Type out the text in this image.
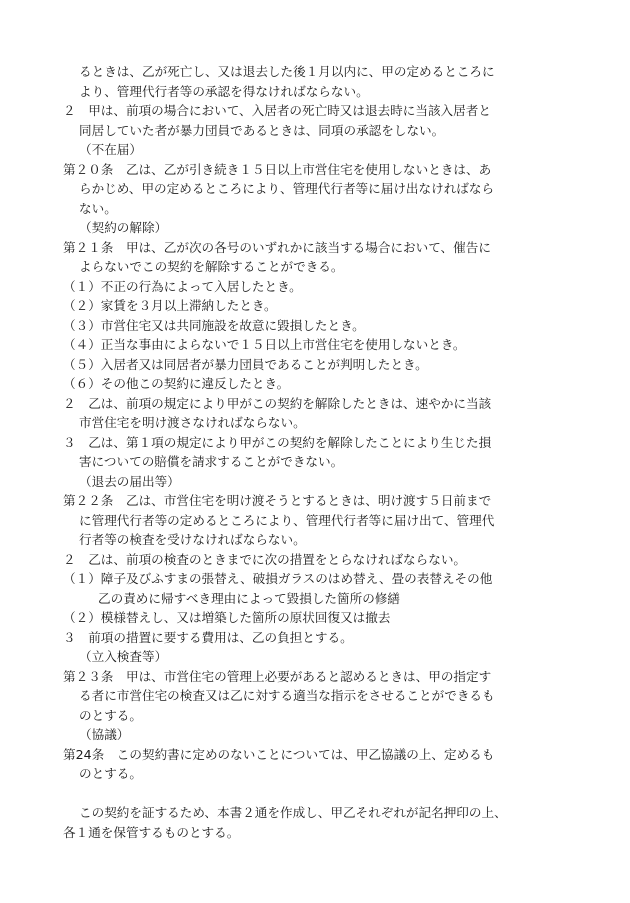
るときは、乙が死亡し、又は退去した後１月以内に、甲の定めるところに
より、管理代行者等の承認を得なければならない。
２　甲は、前項の場合において、入居者の死亡時又は退去時に当該入居者と
同居していた者が暴力団員であるときは、同項の承認をしない。
（不在届）
第２０条　乙は、乙が引き続き１５日以上市営住宅を使用しないときは、あ
らかじめ、甲の定めるところにより、管理代行者等に届け出なければなら
ない。
（契約の解除）
第２１条　甲は、乙が次の各号のいずれかに該当する場合において、催告に
よらないでこの契約を解除することができる。
（１）不正の行為によって入居したとき。
（２）家賃を３月以上滞納したとき。
（３）市営住宅又は共同施設を故意に毀損したとき。
（４）正当な事由によらないで１５日以上市営住宅を使用しないとき。
（５）入居者又は同居者が暴力団員であることが判明したとき。
（６）その他この契約に違反したとき。
２　乙は、前項の規定により甲がこの契約を解除したときは、速やかに当該
市営住宅を明け渡さなければならない。
３　乙は、第１項の規定により甲がこの契約を解除したことにより生じた損
害についての賠償を請求することができない。
（退去の届出等）
第２２条　乙は、市営住宅を明け渡そうとするときは、明け渡す５日前まで
に管理代行者等の定めるところにより、管理代行者等に届け出て、管理代
行者等の検査を受けなければならない。
２　乙は、前項の検査のときまでに次の措置をとらなければならない。
（１）障子及びふすまの張替え、破損ガラスのはめ替え、畳の表替えその他
乙の責めに帰すべき理由によって毀損した箇所の修繕
（２）模様替えし、又は増築した箇所の原状回復又は撤去
３　前項の措置に要する費用は、乙の負担とする。
（立入検査等）
第２３条　甲は、市営住宅の管理上必要があると認めるときは、甲の指定す
る者に市営住宅の検査又は乙に対する適当な指示をさせることができるも
のとする。
（協議）
第24条　この契約書に定めのないことについては、甲乙協議の上、定めるも
のとする。
この契約を証するため、本書２通を作成し、甲乙それぞれが記名押印の上、
各１通を保管するものとする。
